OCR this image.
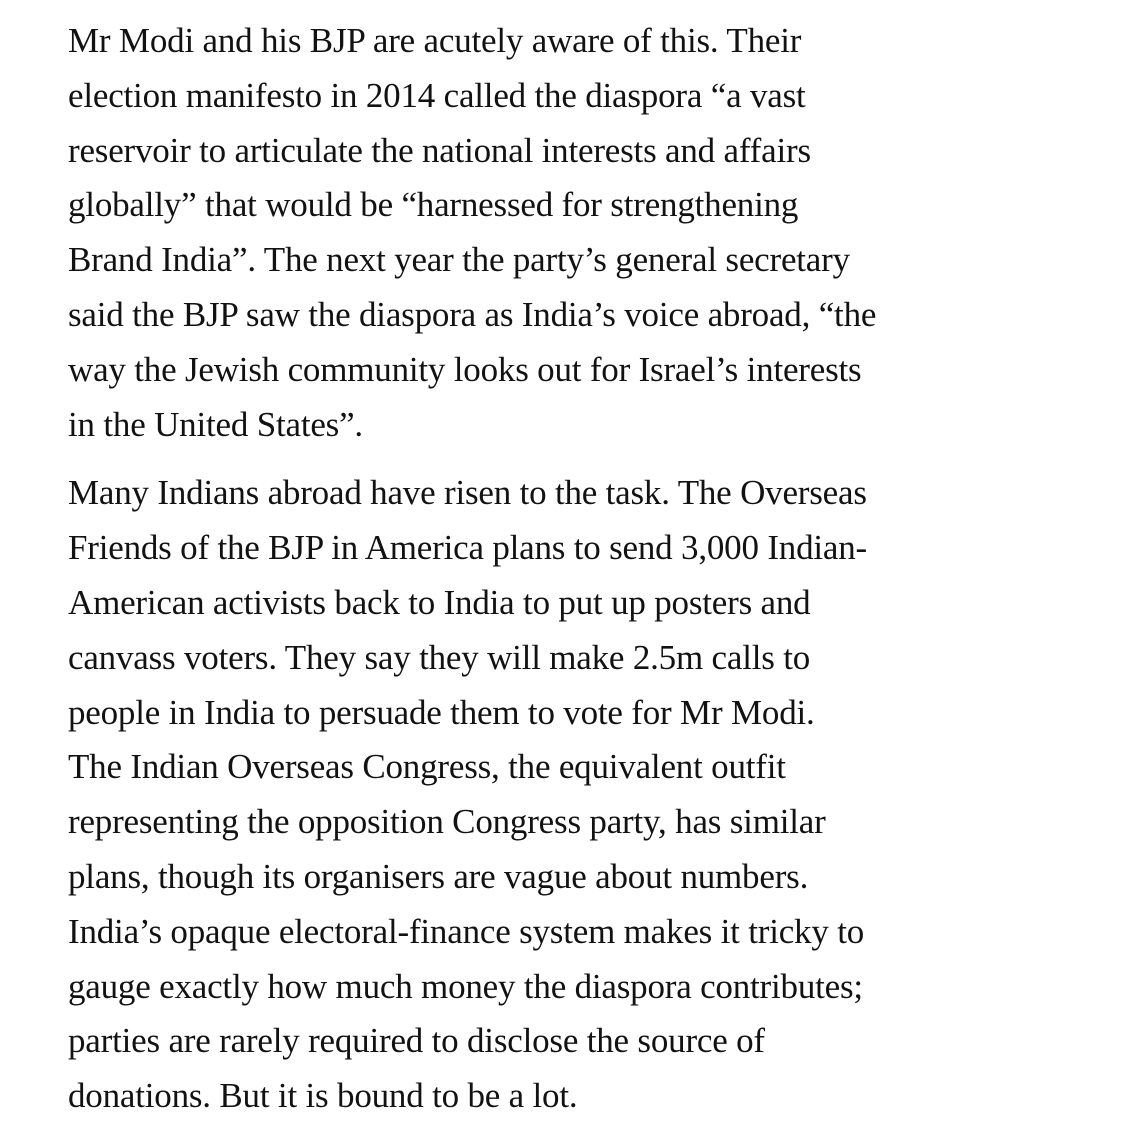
Mr Modi and his BJP are acutely aware of this. Their
election manifesto in 2014 called the diaspora “a vast
reservoir to articulate the national interests and affairs
globally” that would be “harnessed for strengthening
Brand India”. The next year the party’s general secretary
said the BJP saw the diaspora as India’s voice abroad, “the
way the Jewish community looks out for Israel’s interests
in the United States”.

Many Indians abroad have risen to the task. The Overseas
Friends of the BJP in America plans to send 3,000 Indian-
American activists back to India to put up posters and
canvass voters. They say they will make 2.5m calls to
people in India to persuade them to vote for Mr Modi.
The Indian Overseas Congress, the equivalent outfit
representing the opposition Congress party, has similar
plans, though its organisers are vague about numbers.
India’s opaque electoral-finance system makes it tricky to
gauge exactly how much money the diaspora contributes;
parties are rarely required to disclose the source of
donations. But it is bound to be a lot.
